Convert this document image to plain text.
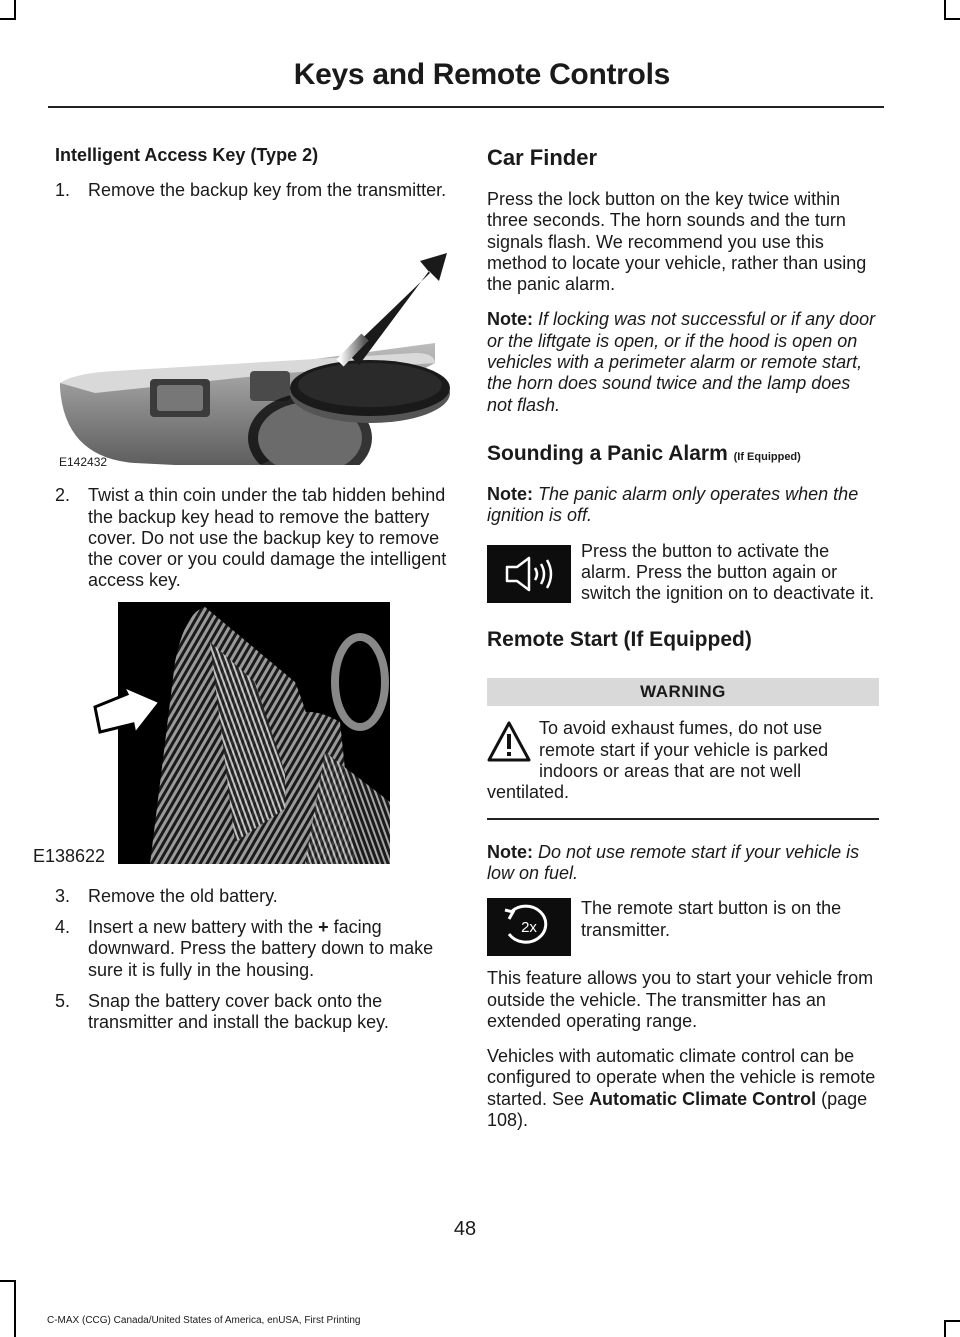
Keys and Remote Controls
Intelligent Access Key (Type 2)
1. Remove the backup key from the transmitter.
E142432
2. Twist a thin coin under the tab hidden behind the backup key head to remove the battery cover. Do not use the backup key to remove the cover or you could damage the intelligent access key.
E138622
3. Remove the old battery.
4. Insert a new battery with the + facing downward. Press the battery down to make sure it is fully in the housing.
5. Snap the battery cover back onto the transmitter and install the backup key.
Car Finder

Press the lock button on the key twice within three seconds. The horn sounds and the turn signals flash. We recommend you use this method to locate your vehicle, rather than using the panic alarm.

Note: If locking was not successful or if any door or the liftgate is open, or if the hood is open on vehicles with a perimeter alarm or remote start, the horn does sound twice and the lamp does not flash.

Sounding a Panic Alarm (If Equipped)

Note: The panic alarm only operates when the ignition is off.

Press the button to activate the alarm. Press the button again or switch the ignition on to deactivate it.

Remote Start (If Equipped)
WARNING

To avoid exhaust fumes, do not use remote start if your vehicle is parked indoors or areas that are not well ventilated.

Note: Do not use remote start if your vehicle is low on fuel.

2x

The remote start button is on the transmitter.

This feature allows you to start your vehicle from outside the vehicle. The transmitter has an extended operating range.

Vehicles with automatic climate control can be configured to operate when the vehicle is remote started. See Automatic Climate Control (page 108).

48
C-MAX (CCG) Canada/United States of America, enUSA, First Printing
